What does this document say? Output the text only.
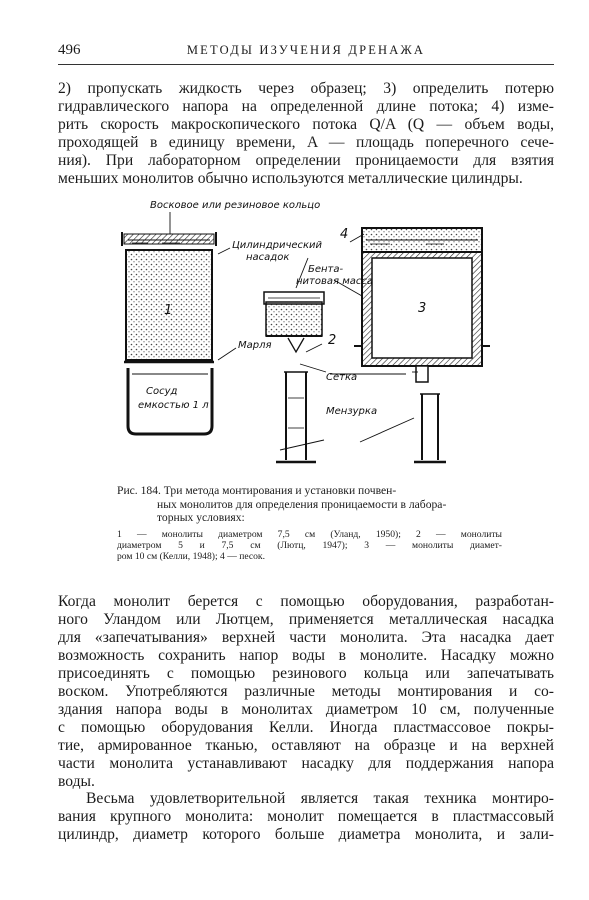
496	МЕТОДЫ ИЗУЧЕНИЯ ДРЕНАЖА

2) пропускать жидкость через образец; 3) определить потерю
гидравлического напора на определенной длине потока; 4) изме-
рить скорость макроскопического потока Q/A (Q — объем воды,
проходящей в единицу времени, A — площадь поперечного сече-
ния). При лабораторном определении проницаемости для взятия
меньших монолитов обычно используются металлические цилиндры.

Восковое или резиновое кольцо
Цилиндрический
насадок
Бента-
нитовая масса
Марля
Сосуд
емкостью 1 л
Сетка
Мензурка
1
2
3
4
Рис. 184. Три метода монтирования и установки почвен-
ных монолитов для определения проницаемости в лабора-
торных условиях:
1 — монолиты диаметром 7,5 см (Уланд, 1950); 2 — монолиты
диаметром 5 и 7,5 см (Лютц, 1947); 3 — монолиты диамет-
ром 10 см (Келли, 1948); 4 — песок.

Когда монолит берется с помощью оборудования, разработан-
ного Уландом или Лютцем, применяется металлическая насадка
для «запечатывания» верхней части монолита. Эта насадка дает
возможность сохранить напор воды в монолите. Насадку можно
присоединять с помощью резинового кольца или запечатывать
воском. Употребляются различные методы монтирования и со-
здания напора воды в монолитах диаметром 10 см, полученные
с помощью оборудования Келли. Иногда пластмассовое покры-
тие, армированное тканью, оставляют на образце и на верхней
части монолита устанавливают насадку для поддержания напора
воды.

Весьма удовлетворительной является такая техника монтиро-
вания крупного монолита: монолит помещается в пластмассовый
цилиндр, диаметр которого больше диаметра монолита, и зали-
